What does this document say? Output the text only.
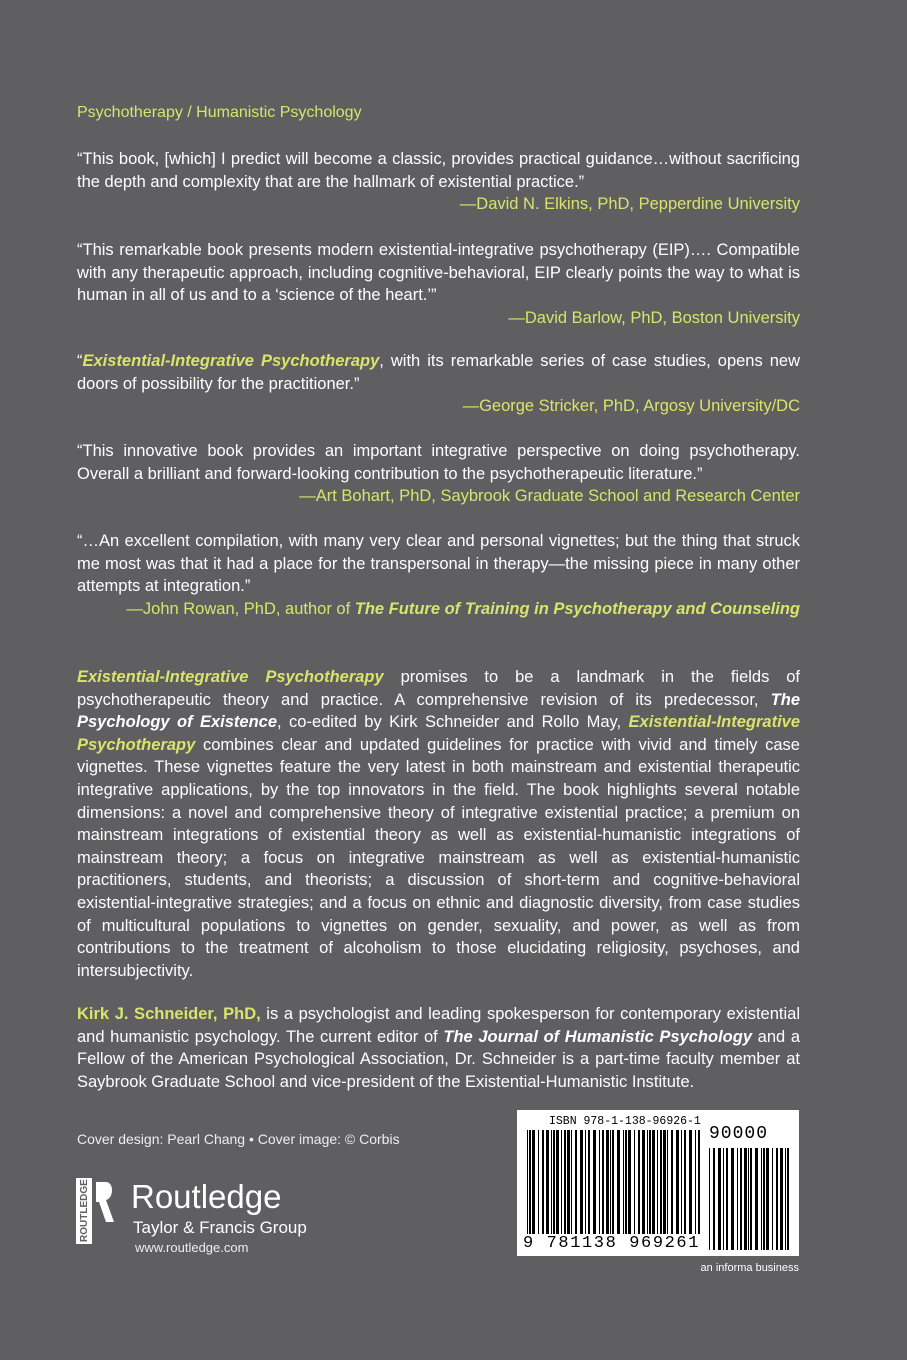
Psychotherapy / Humanistic Psychology

“This book, [which] I predict will become a classic, provides practical guidance…without sacrificing the depth and complexity that are the hallmark of existential practice.”

—David N. Elkins, PhD, Pepperdine University

“This remarkable book presents modern existential-integrative psychotherapy (EIP)…. Compatible with any therapeutic approach, including cognitive-behavioral, EIP clearly points the way to what is human in all of us and to a ‘science of the heart.’”

—David Barlow, PhD, Boston University

“Existential-Integrative Psychotherapy, with its remarkable series of case studies, opens new doors of possibility for the practitioner.”

—George Stricker, PhD, Argosy University/DC

“This innovative book provides an important integrative perspective on doing psychotherapy. Overall a brilliant and forward-looking contribution to the psychotherapeutic literature.”

—Art Bohart, PhD, Saybrook Graduate School and Research Center

“…An excellent compilation, with many very clear and personal vignettes; but the thing that struck me most was that it had a place for the transpersonal in therapy—the missing piece in many other attempts at integration.”

—John Rowan, PhD, author of The Future of Training in Psychotherapy and Counseling

Existential-Integrative Psychotherapy promises to be a landmark in the fields of psychotherapeutic theory and practice. A comprehensive revision of its predecessor, The Psychology of Existence, co-edited by Kirk Schneider and Rollo May, Existential-Integrative Psychotherapy combines clear and updated guidelines for practice with vivid and timely case vignettes. These vignettes feature the very latest in both mainstream and existential therapeutic integrative applications, by the top innovators in the field. The book highlights several notable dimensions: a novel and comprehensive theory of integrative existential practice; a premium on mainstream integrations of existential theory as well as existential-humanistic integrations of mainstream theory; a focus on integrative mainstream as well as existential-humanistic practitioners, students, and theorists; a discussion of short-term and cognitive-behavioral existential-integrative strategies; and a focus on ethnic and diagnostic diversity, from case studies of multicultural populations to vignettes on gender, sexuality, and power, as well as from contributions to the treatment of alcoholism to those elucidating religiosity, psychoses, and intersubjectivity.

Kirk J. Schneider, PhD, is a psychologist and leading spokesperson for contemporary existential and humanistic psychology. The current editor of The Journal of Humanistic Psychology and a Fellow of the American Psychological Association, Dr. Schneider is a part-time faculty member at Saybrook Graduate School and vice-president of the Existential-Humanistic Institute.

Cover design: Pearl Chang • Cover image: © Corbis
ROUTLEDGE Routledge
Taylor & Francis Group
www.routledge.com
ISBN 978-1-138-96926-1
90000
9 781138 969261
an informa business
